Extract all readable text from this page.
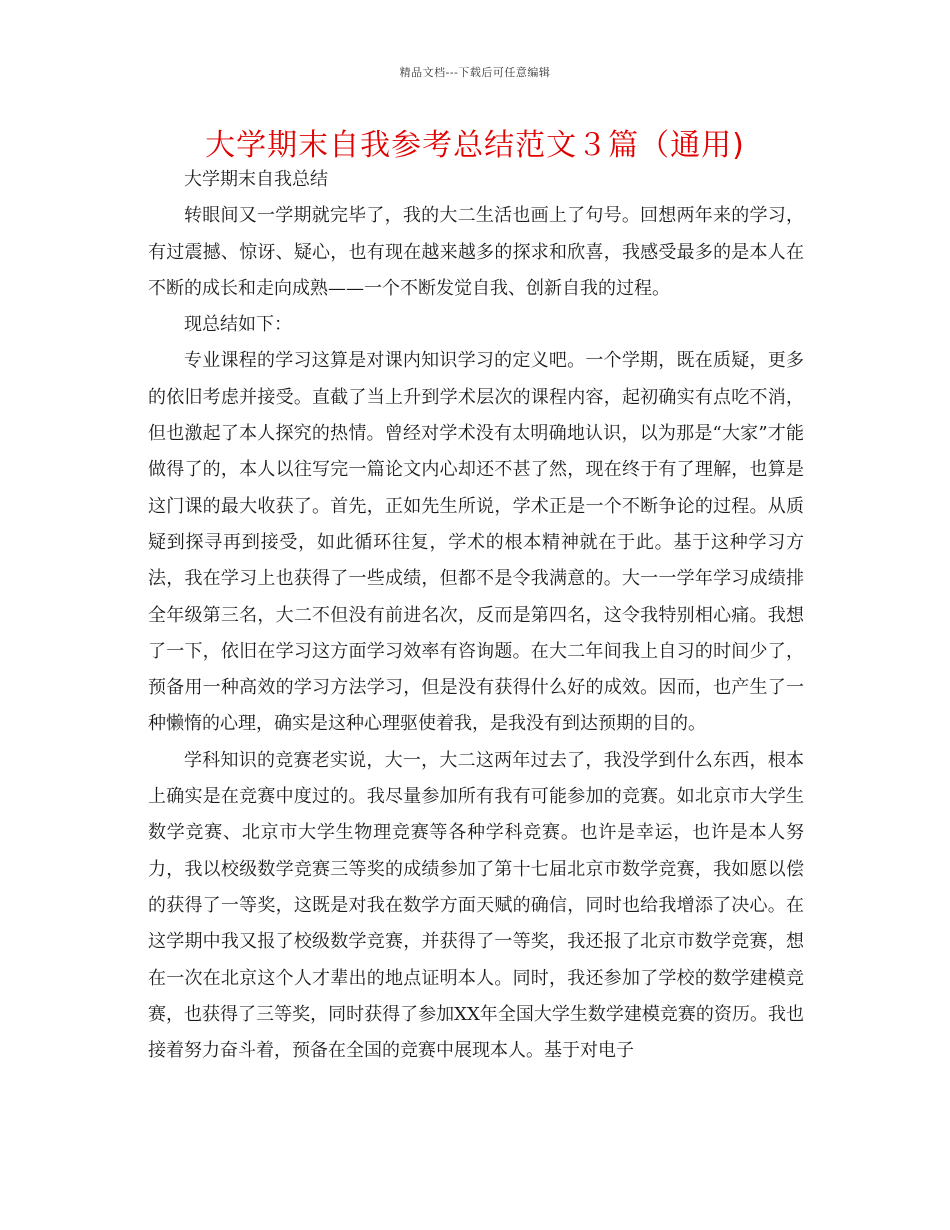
精品文档---下载后可任意编辑
大学期末自我参考总结范文３篇（通用)

大学期末自我总结

转眼间又一学期就完毕了，我的大二生活也画上了句号。回想两年来的学习，有过震撼、惊讶、疑心，也有现在越来越多的探求和欣喜，我感受最多的是本人在不断的成长和走向成熟——一个不断发觉自我、创新自我的过程。

现总结如下：

专业课程的学习这算是对课内知识学习的定义吧。一个学期，既在质疑，更多的依旧考虑并接受。直截了当上升到学术层次的课程内容，起初确实有点吃不消，但也激起了本人探究的热情。曾经对学术没有太明确地认识，以为那是“大家”才能做得了的，本人以往写完一篇论文内心却还不甚了然，现在终于有了理解，也算是这门课的最大收获了。首先，正如先生所说，学术正是一个不断争论的过程。从质疑到探寻再到接受，如此循环往复，学术的根本精神就在于此。基于这种学习方法，我在学习上也获得了一些成绩，但都不是令我满意的。大一一学年学习成绩排全年级第三名，大二不但没有前进名次，反而是第四名，这令我特别相心痛。我想了一下，依旧在学习这方面学习效率有咨询题。在大二年间我上自习的时间少了，预备用一种高效的学习方法学习，但是没有获得什么好的成效。因而，也产生了一种懒惰的心理，确实是这种心理驱使着我，是我没有到达预期的目的。

学科知识的竞赛老实说，大一，大二这两年过去了，我没学到什么东西，根本上确实是在竞赛中度过的。我尽量参加所有我有可能参加的竞赛。如北京市大学生数学竞赛、北京市大学生物理竞赛等各种学科竞赛。也许是幸运，也许是本人努力，我以校级数学竞赛三等奖的成绩参加了第十七届北京市数学竞赛，我如愿以偿的获得了一等奖，这既是对我在数学方面天赋的确信，同时也给我增添了决心。在这学期中我又报了校级数学竞赛，并获得了一等奖，我还报了北京市数学竞赛，想在一次在北京这个人才辈出的地点证明本人。同时，我还参加了学校的数学建模竞赛，也获得了三等奖，同时获得了参加XX年全国大学生数学建模竞赛的资历。我也接着努力奋斗着，预备在全国的竞赛中展现本人。基于对电子
